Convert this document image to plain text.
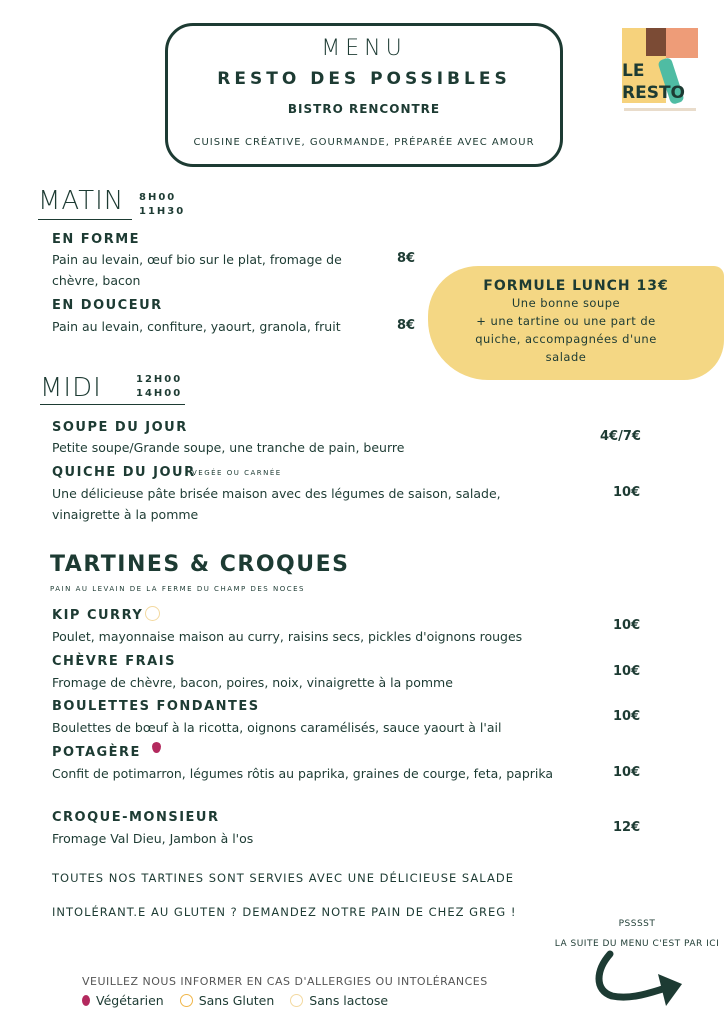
MENU
RESTO DES POSSIBLES
BISTRO RENCONTRE
CUISINE CRÉATIVE, GOURMANDE, PRÉPARÉE AVEC AMOUR
LE
RESTO
MATIN 8H00
11H30
EN FORME
Pain au levain, œuf bio sur le plat, fromage de chèvre, bacon
8€
EN DOUCEUR
Pain au levain, confiture, yaourt, granola, fruit	8€
FORMULE LUNCH 13€
Une bonne soupe
+ une tartine ou une part de
quiche, accompagnées d'une
salade
MIDI	12H00
14H00
SOUPE DU JOUR
Petite soupe/Grande soupe, une tranche de pain, beurre
4€/7€
QUICHE DU JOUR
VEGÉE OU CARNÉE
Une délicieuse pâte brisée maison avec des légumes de saison, salade, vinaigrette à la pomme
10€
TARTINES & CROQUES
PAIN AU LEVAIN DE LA FERME DU CHAMP DES NOCES
KIP CURRY
Poulet, mayonnaise maison au curry, raisins secs, pickles d'oignons rouges
10€
CHÈVRE FRAIS
Fromage de chèvre, bacon, poires, noix, vinaigrette à la pomme
10€
BOULETTES FONDANTES
Boulettes de bœuf à la ricotta, oignons caramélisés, sauce yaourt à l'ail
10€
POTAGÈRE
Confit de potimarron, légumes rôtis au paprika, graines de courge, feta, paprika	10€
CROQUE-MONSIEUR
Fromage Val Dieu, Jambon à l'os
12€
TOUTES NOS TARTINES SONT SERVIES AVEC UNE DÉLICIEUSE SALADE
INTOLÉRANT.E AU GLUTEN ? DEMANDEZ NOTRE PAIN DE CHEZ GREG !
PSSSST
LA SUITE DU MENU C'EST PAR ICI
VEUILLEZ NOUS INFORMER EN CAS D'ALLERGIES OU INTOLÉRANCES
Végétarien	Sans Gluten	Sans lactose
